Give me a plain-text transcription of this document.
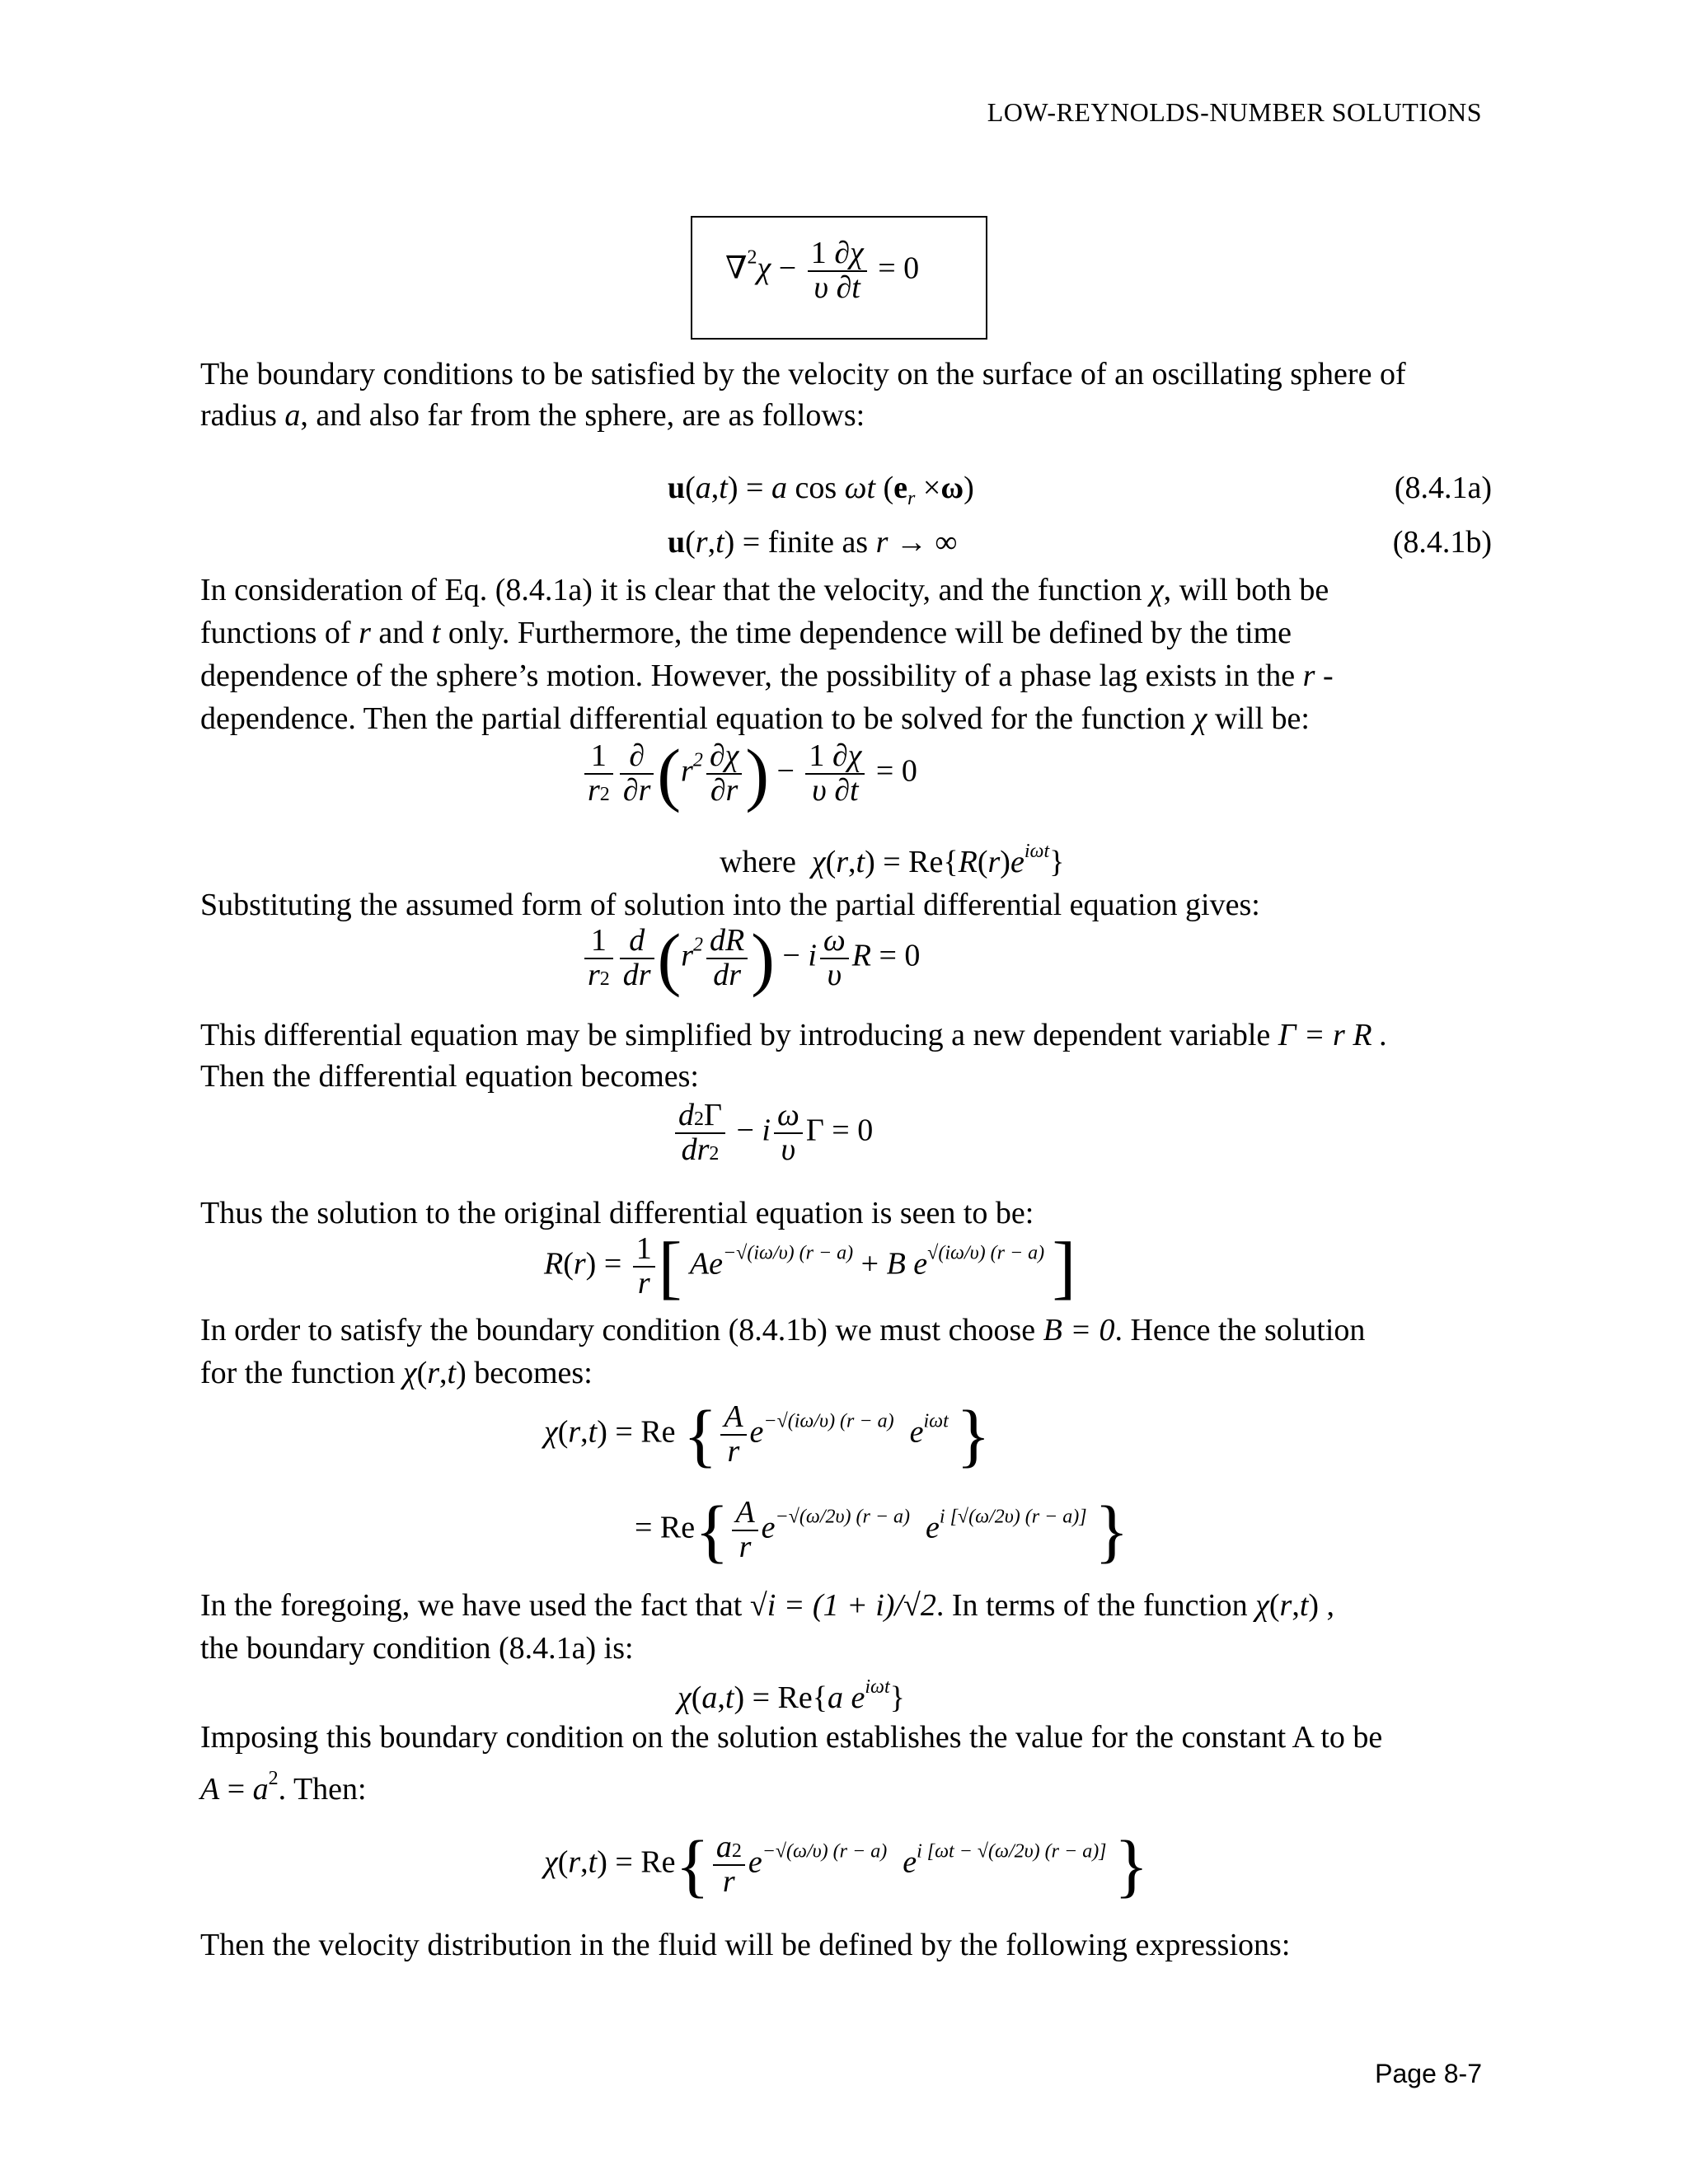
LOW-REYNOLDS-NUMBER SOLUTIONS
$\nabla^2\chi - \frac{1 \partial\chi}{\upsilon \partial t} = 0$
The boundary conditions to be satisfied by the velocity on the surface of an oscillating sphere of
radius a, and also far from the sphere, are as follows:
u(a,t) = a cos ωt $(e_r \times\omega)$	(8.4.1a)
u(r,t) = finite as r → ∞	(8.4.1b)
In consideration of Eq. (8.4.1a) it is clear that the velocity, and the function χ, will both be
functions of r and t only. Furthermore, the time dependence will be defined by the time
dependence of the sphere’s motion. However, the possibility of a phase lag exists in the r -
dependence. Then the partial differential equation to be solved for the function χ will be:
$\frac{1}{r2} \frac{\partial}{\partial r} (r^2 \frac{\partial\chi}{\partial r}$ ) − $\frac{1 \partial\chi}{\upsilon \partial t} = 0$
where $\chi(r,t) = Re\{R(r)e^{i\omega t}\}$
Substituting the assumed form of solution into the partial differential equation gives:
$\frac{1}{r2} \frac{d}{dr} (r^2 \frac{dR}{dr}$ ) − i $\frac{\omega}{\upsilon}$ R = 0
This differential equation may be simplified by introducing a new dependent variable Γ = r R .
Then the differential equation becomes:
$\frac{d2\Gamma}{dr2} - i \frac{\omega}{\upsilon}$ Γ = 0
Thus the solution to the original differential equation is seen to be:
$R(r) = \frac{1}{r}$ [ $Ae^{-√(i\omega/\upsilon) (r - a)} + B$ $e^{√(i\omega/\upsilon) (r - a)}$ ]
In order to satisfy the boundary condition (8.4.1b) we must choose B = 0. Hence the solution
for the function χ(r,t) becomes:
χ(r,t) = Re { $\frac{A}{r} e^{-√(i\omega/\upsilon) (r - a)}$ $e^{i\omega t}$ }
= $Re\{ \frac{A}{r} e^{-√(\omega/2\upsilon) (r - a)}$ $e^{i [√(\omega/2\upsilon) (r - a)]}$ }
In the foregoing, we have used the fact that √i = (1 + i)/√2. In terms of the function χ(r,t) ,
the boundary condition (8.4.1a) is:
χ(a,t) = Re{a $e^{i\omega t}$}
Imposing this boundary condition on the solution establishes the value for the constant A to be
$A = a^2$. Then:
$\chi(r,t) = Re\{ \frac{a2}{r} e^{-√(\omega/\upsilon) (r - a)}$ $e^{i [\omega t - √(\omega/2\upsilon) (r - a)]}$ }
Then the velocity distribution in the fluid will be defined by the following expressions:
Page 8-7
